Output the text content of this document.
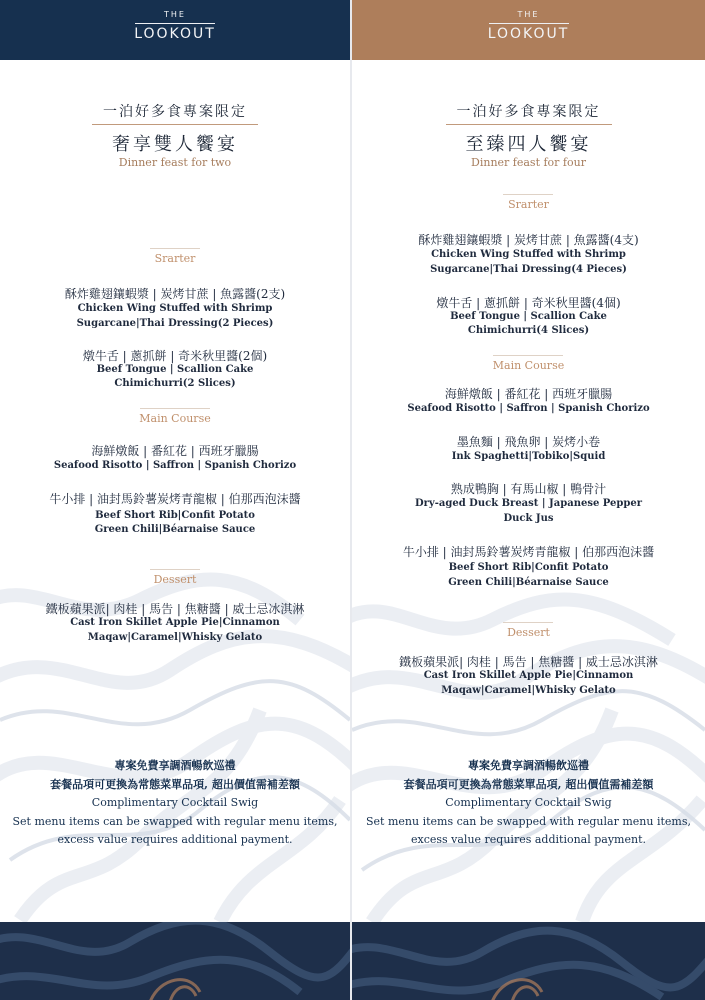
THE
LOOKOUT
一泊好多食專案限定
奢享雙人饗宴
Dinner feast for two
Srarter
酥炸雞翅鑲蝦漿 | 炭烤甘蔗 | 魚露醬(2支)
Chicken Wing Stuffed with Shrimp
Sugarcane|Thai Dressing(2 Pieces)
燉牛舌 | 蔥抓餅 | 奇米秋里醬(2個)
Beef Tongue | Scallion Cake
Chimichurri(2 Slices)
Main Course
海鮮燉飯 | 番紅花 | 西班牙臘腸
Seafood Risotto | Saffron | Spanish Chorizo
牛小排 | 油封馬鈴薯炭烤青龍椒 | 伯那西泡沫醬
Beef Short Rib|Confit Potato
Green Chili|Béarnaise Sauce
Dessert
鐵板蘋果派| 肉桂 | 馬告 | 焦糖醬 | 威士忌冰淇淋
Cast Iron Skillet Apple Pie|Cinnamon
Maqaw|Caramel|Whisky Gelato
專案免費享調酒暢飲巡禮
套餐品項可更換為常態菜單品項, 超出價值需補差額
Complimentary Cocktail Swig
Set menu items can be swapped with regular menu items,
excess value requires additional payment.
THE
LOOKOUT
一泊好多食專案限定
至臻四人饗宴
Dinner feast for four
Srarter
酥炸雞翅鑲蝦漿 | 炭烤甘蔗 | 魚露醬(4支)
Chicken Wing Stuffed with Shrimp
Sugarcane|Thai Dressing(4 Pieces)
燉牛舌 | 蔥抓餅 | 奇米秋里醬(4個)
Beef Tongue | Scallion Cake
Chimichurri(4 Slices)
Main Course
海鮮燉飯 | 番紅花 | 西班牙臘腸
Seafood Risotto | Saffron | Spanish Chorizo
墨魚麵 | 飛魚卵 | 炭烤小卷
Ink Spaghetti|Tobiko|Squid
熟成鴨胸 | 有馬山椒 | 鴨骨汁
Dry-aged Duck Breast | Japanese Pepper
Duck Jus
牛小排 | 油封馬鈴薯炭烤青龍椒 | 伯那西泡沫醬
Beef Short Rib|Confit Potato
Green Chili|Béarnaise Sauce
Dessert
鐵板蘋果派| 肉桂 | 馬告 | 焦糖醬 | 威士忌冰淇淋
Cast Iron Skillet Apple Pie|Cinnamon
Maqaw|Caramel|Whisky Gelato
專案免費享調酒暢飲巡禮
套餐品項可更換為常態菜單品項, 超出價值需補差額
Complimentary Cocktail Swig
Set menu items can be swapped with regular menu items,
excess value requires additional payment.
